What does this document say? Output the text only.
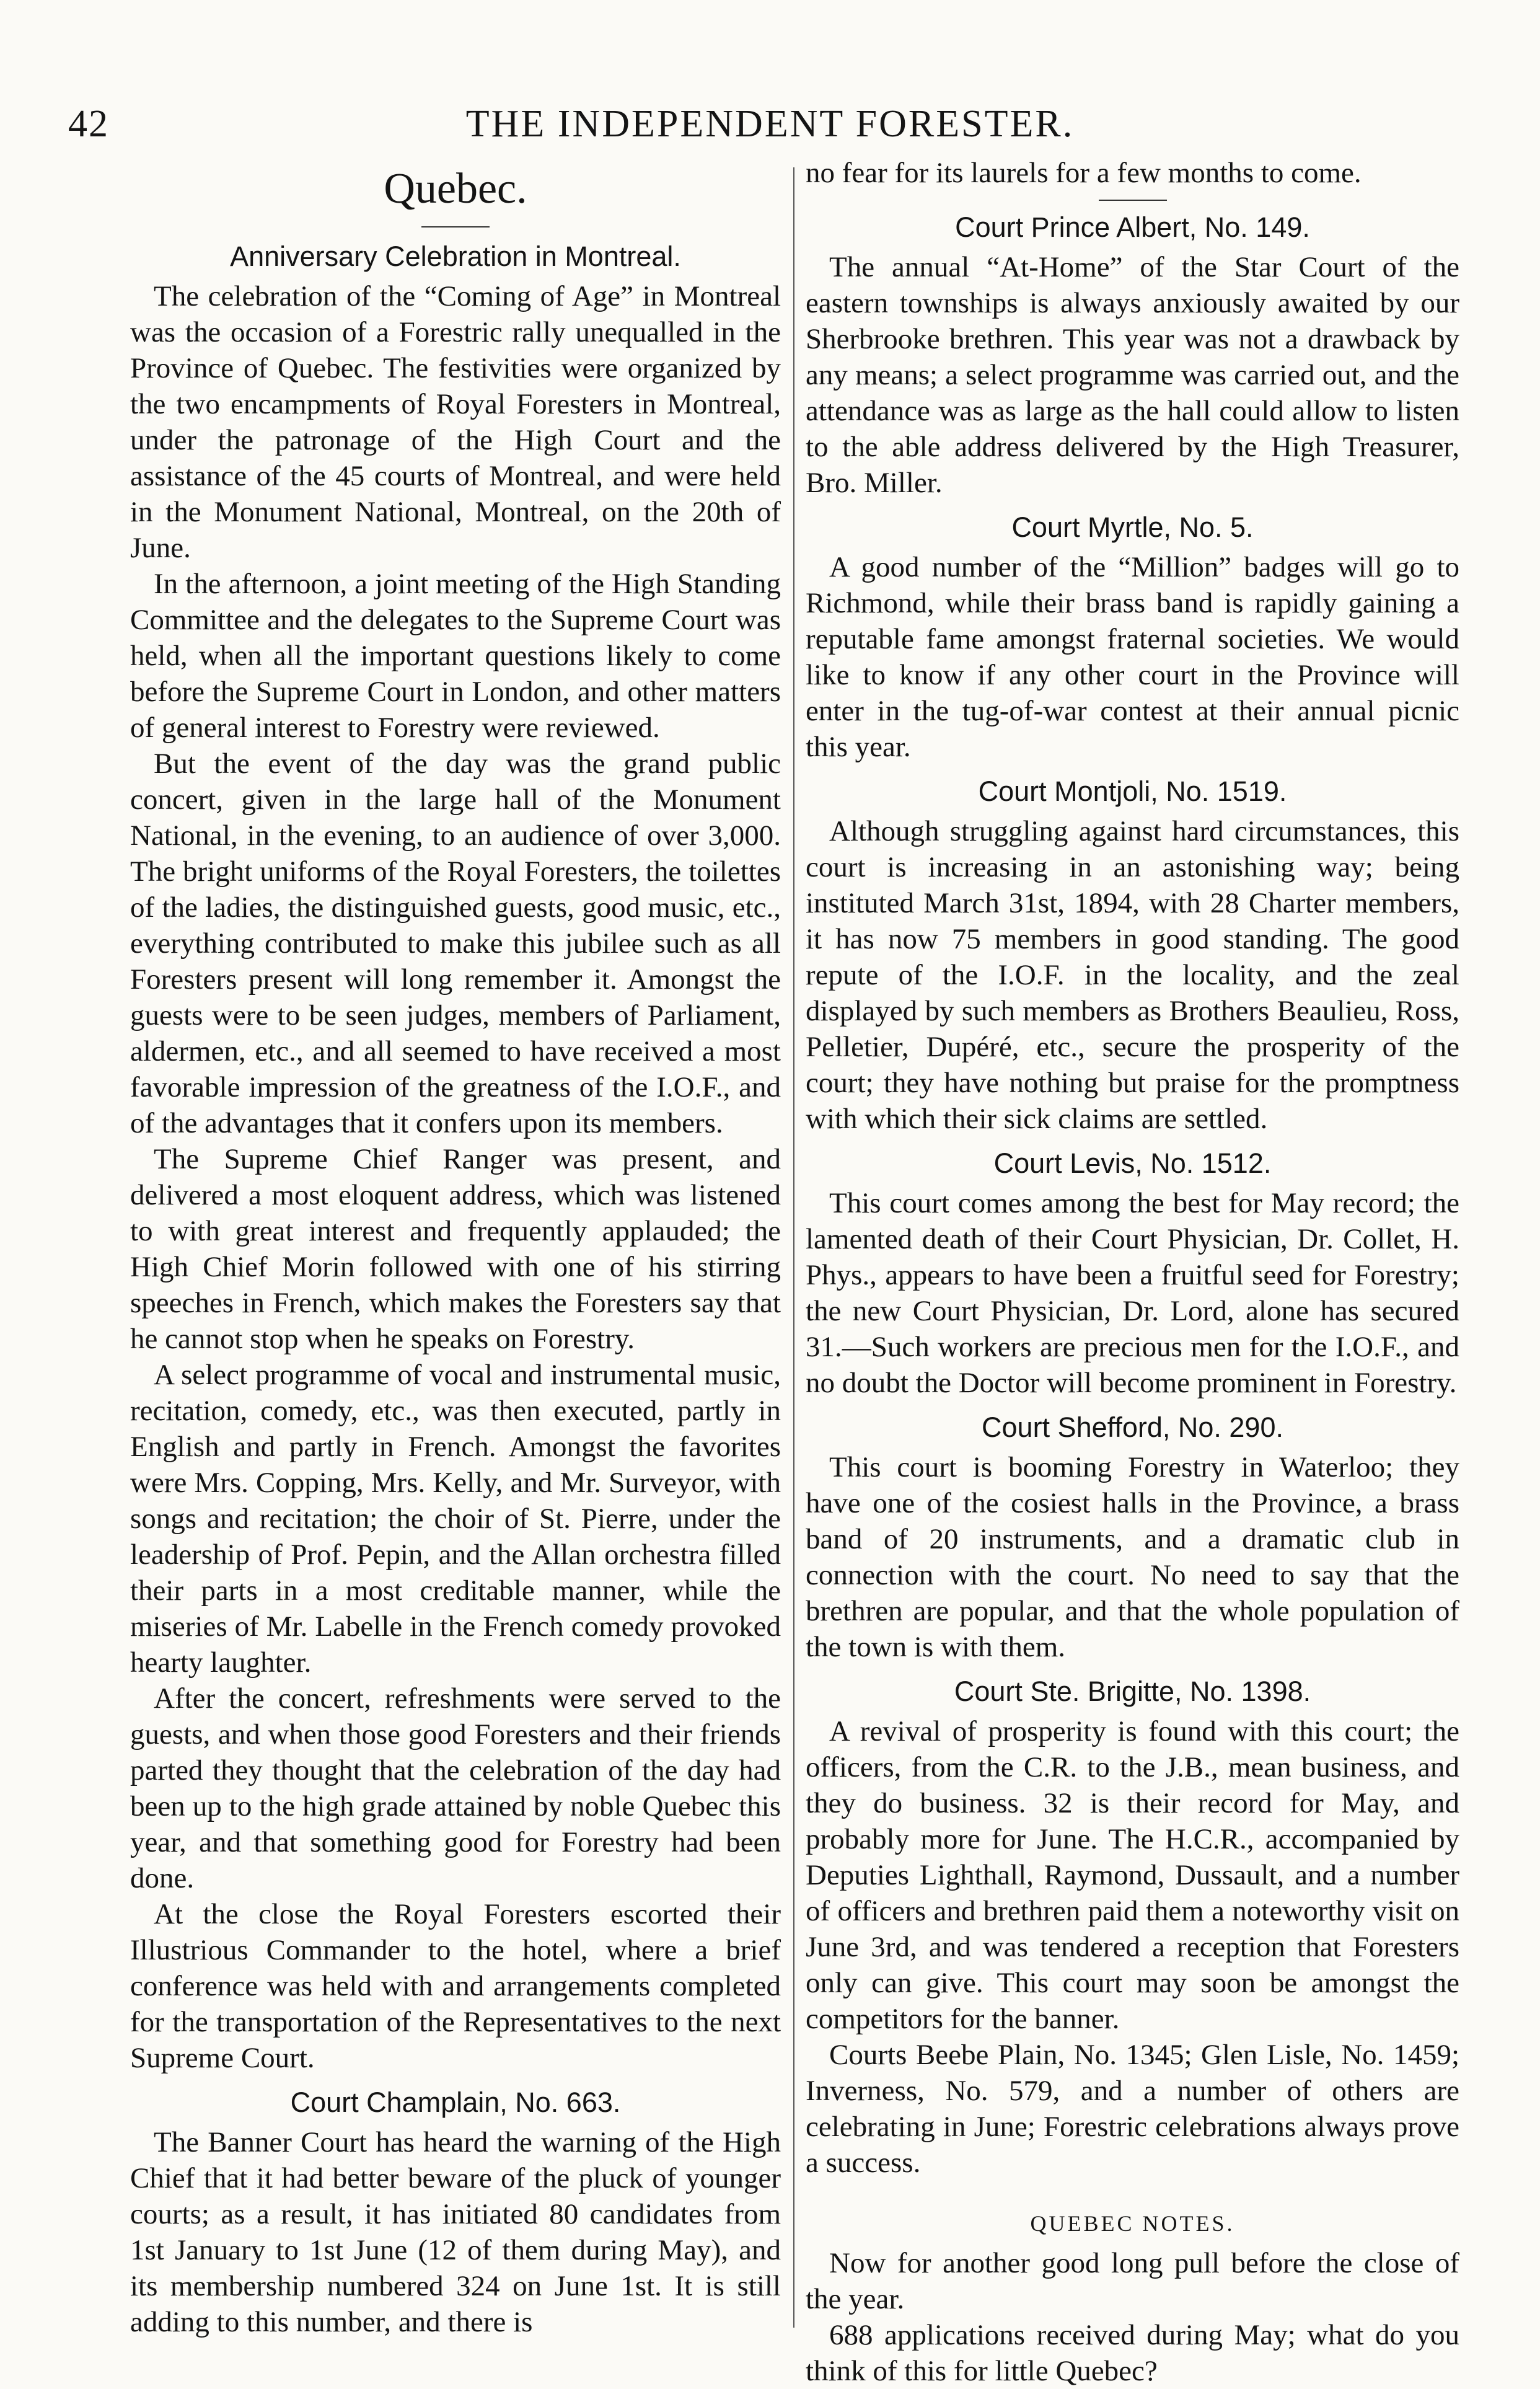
42	THE INDEPENDENT FORESTER.
Quebec.
Anniversary Celebration in Montreal.

The celebration of the “Coming of Age” in Montreal was the occasion of a Forestric rally unequalled in the Province of Quebec. The festivities were organized by the two encampments of Royal Foresters in Montreal, under the patronage of the High Court and the assistance of the 45 courts of Montreal, and were held in the Monument National, Montreal, on the 20th of June.

In the afternoon, a joint meeting of the High Standing Committee and the delegates to the Supreme Court was held, when all the important questions likely to come before the Supreme Court in London, and other matters of general interest to Forestry were reviewed.

But the event of the day was the grand public concert, given in the large hall of the Monument National, in the evening, to an audience of over 3,000. The bright uniforms of the Royal Foresters, the toilettes of the ladies, the distinguished guests, good music, etc., everything contributed to make this jubilee such as all Foresters present will long remember it. Amongst the guests were to be seen judges, members of Parliament, aldermen, etc., and all seemed to have received a most favorable impression of the greatness of the I.O.F., and of the advantages that it confers upon its members.

The Supreme Chief Ranger was present, and delivered a most eloquent address, which was listened to with great interest and frequently applauded; the High Chief Morin followed with one of his stirring speeches in French, which makes the Foresters say that he cannot stop when he speaks on Forestry.

A select programme of vocal and instrumental music, recitation, comedy, etc., was then executed, partly in English and partly in French. Amongst the favorites were Mrs. Copping, Mrs. Kelly, and Mr. Surveyor, with songs and recitation; the choir of St. Pierre, under the leadership of Prof. Pepin, and the Allan orchestra filled their parts in a most creditable manner, while the miseries of Mr. Labelle in the French comedy provoked hearty laughter.

After the concert, refreshments were served to the guests, and when those good Foresters and their friends parted they thought that the celebration of the day had been up to the high grade attained by noble Quebec this year, and that something good for Forestry had been done.

At the close the Royal Foresters escorted their Illustrious Commander to the hotel, where a brief conference was held with and arrangements completed for the transportation of the Representatives to the next Supreme Court.

Court Champlain, No. 663.

The Banner Court has heard the warning of the High Chief that it had better beware of the pluck of younger courts; as a result, it has initiated 80 candidates from 1st January to 1st June (12 of them during May), and its membership numbered 324 on June 1st. It is still adding to this number, and there is

no fear for its laurels for a few months to come.

Court Prince Albert, No. 149.

The annual “At-Home” of the Star Court of the eastern townships is always anxiously awaited by our Sherbrooke brethren. This year was not a drawback by any means; a select programme was carried out, and the attendance was as large as the hall could allow to listen to the able address delivered by the High Treasurer, Bro. Miller.

Court Myrtle, No. 5.

A good number of the “Million” badges will go to Richmond, while their brass band is rapidly gaining a reputable fame amongst fraternal societies. We would like to know if any other court in the Province will enter in the tug-of-war contest at their annual picnic this year.

Court Montjoli, No. 1519.

Although struggling against hard circumstances, this court is increasing in an astonishing way; being instituted March 31st, 1894, with 28 Charter members, it has now 75 members in good standing. The good repute of the I.O.F. in the locality, and the zeal displayed by such members as Brothers Beaulieu, Ross, Pelletier, Dupéré, etc., secure the prosperity of the court; they have nothing but praise for the promptness with which their sick claims are settled.

Court Levis, No. 1512.

This court comes among the best for May record; the lamented death of their Court Physician, Dr. Collet, H. Phys., appears to have been a fruitful seed for Forestry; the new Court Physician, Dr. Lord, alone has secured 31.—Such workers are precious men for the I.O.F., and no doubt the Doctor will become prominent in Forestry.

Court Shefford, No. 290.

This court is booming Forestry in Waterloo; they have one of the cosiest halls in the Province, a brass band of 20 instruments, and a dramatic club in connection with the court. No need to say that the brethren are popular, and that the whole population of the town is with them.

Court Ste. Brigitte, No. 1398.

A revival of prosperity is found with this court; the officers, from the C.R. to the J.B., mean business, and they do business. 32 is their record for May, and probably more for June. The H.C.R., accompanied by Deputies Lighthall, Raymond, Dussault, and a number of officers and brethren paid them a noteworthy visit on June 3rd, and was tendered a reception that Foresters only can give. This court may soon be amongst the competitors for the banner.

Courts Beebe Plain, No. 1345; Glen Lisle, No. 1459; Inverness, No. 579, and a number of others are celebrating in June; Forestric celebrations always prove a success.

QUEBEC NOTES.

Now for another good long pull before the close of the year.

688 applications received during May; what do you think of this for little Quebec?
